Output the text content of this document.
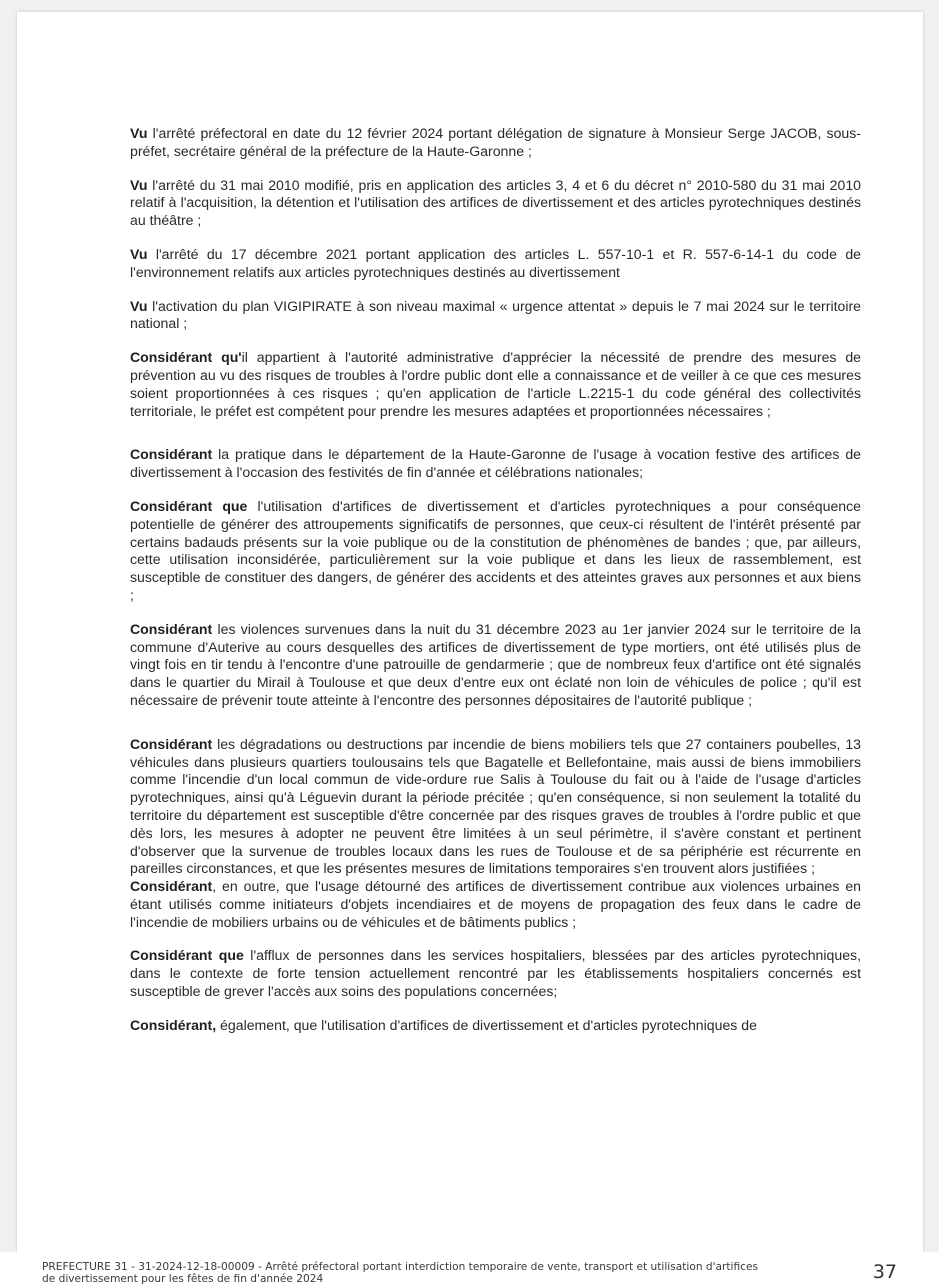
Vu l'arrêté préfectoral en date du 12 février 2024 portant délégation de signature à Monsieur Serge JACOB, sous-préfet, secrétaire général de la préfecture de la Haute-Garonne ;

Vu l'arrêté du 31 mai 2010 modifié, pris en application des articles 3, 4 et 6 du décret n° 2010-580 du 31 mai 2010 relatif à l'acquisition, la détention et l'utilisation des artifices de divertissement et des articles pyrotechniques destinés au théâtre ;

Vu l'arrêté du 17 décembre 2021 portant application des articles L. 557-10-1 et R. 557-6-14-1 du code de l'environnement relatifs aux articles pyrotechniques destinés au divertissement

Vu l'activation du plan VIGIPIRATE à son niveau maximal « urgence attentat » depuis le 7 mai 2024 sur le territoire national ;

Considérant qu'il appartient à l'autorité administrative d'apprécier la nécessité de prendre des mesures de prévention au vu des risques de troubles à l'ordre public dont elle a connaissance et de veiller à ce que ces mesures soient proportionnées à ces risques ; qu'en application de l'article L.2215-1 du code général des collectivités territoriale, le préfet est compétent pour prendre les mesures adaptées et proportionnées nécessaires ;

Considérant la pratique dans le département de la Haute-Garonne de l'usage à vocation festive des artifices de divertissement à l'occasion des festivités de fin d'année et célébrations nationales;

Considérant que l'utilisation d'artifices de divertissement et d'articles pyrotechniques a pour conséquence potentielle de générer des attroupements significatifs de personnes, que ceux-ci résultent de l'intérêt présenté par certains badauds présents sur la voie publique ou de la constitution de phénomènes de bandes ; que, par ailleurs, cette utilisation inconsidérée, particulièrement sur la voie publique et dans les lieux de rassemblement, est susceptible de constituer des dangers, de générer des accidents et des atteintes graves aux personnes et aux biens ;

Considérant les violences survenues dans la nuit du 31 décembre 2023 au 1er janvier 2024 sur le territoire de la commune d'Auterive au cours desquelles des artifices de divertissement de type mortiers, ont été utilisés plus de vingt fois en tir tendu à l'encontre d'une patrouille de gendarmerie ; que de nombreux feux d'artifice ont été signalés dans le quartier du Mirail à Toulouse et que deux d'entre eux ont éclaté non loin de véhicules de police ; qu'il est nécessaire de prévenir toute atteinte à l'encontre des personnes dépositaires de l'autorité publique ;

Considérant les dégradations ou destructions par incendie de biens mobiliers tels que 27 containers poubelles, 13 véhicules dans plusieurs quartiers toulousains tels que Bagatelle et Bellefontaine, mais aussi de biens immobiliers comme l'incendie d'un local commun de vide-ordure rue Salis à Toulouse du fait ou à l'aide de l'usage d'articles pyrotechniques, ainsi qu'à Léguevin durant la période précitée ; qu'en conséquence, si non seulement la totalité du territoire du département est susceptible d'être concernée par des risques graves de troubles à l'ordre public et que dès lors, les mesures à adopter ne peuvent être limitées à un seul périmètre, il s'avère constant et pertinent d'observer que la survenue de troubles locaux dans les rues de Toulouse et de sa périphérie est récurrente en pareilles circonstances, et que les présentes mesures de limitations temporaires s'en trouvent alors justifiées ;

Considérant, en outre, que l'usage détourné des artifices de divertissement contribue aux violences urbaines en étant utilisés comme initiateurs d'objets incendiaires et de moyens de propagation des feux dans le cadre de l'incendie de mobiliers urbains ou de véhicules et de bâtiments publics ;

Considérant que l'afflux de personnes dans les services hospitaliers, blessées par des articles pyrotechniques, dans le contexte de forte tension actuellement rencontré par les établissements hospitaliers concernés est susceptible de grever l'accès aux soins des populations concernées;

Considérant, également, que l'utilisation d'artifices de divertissement et d'articles pyrotechniques de

PREFECTURE 31 - 31-2024-12-18-00009 - Arrêté préfectoral portant interdiction temporaire de vente, transport et utilisation d'artifices
de divertissement pour les fêtes de fin d'année 2024	37
